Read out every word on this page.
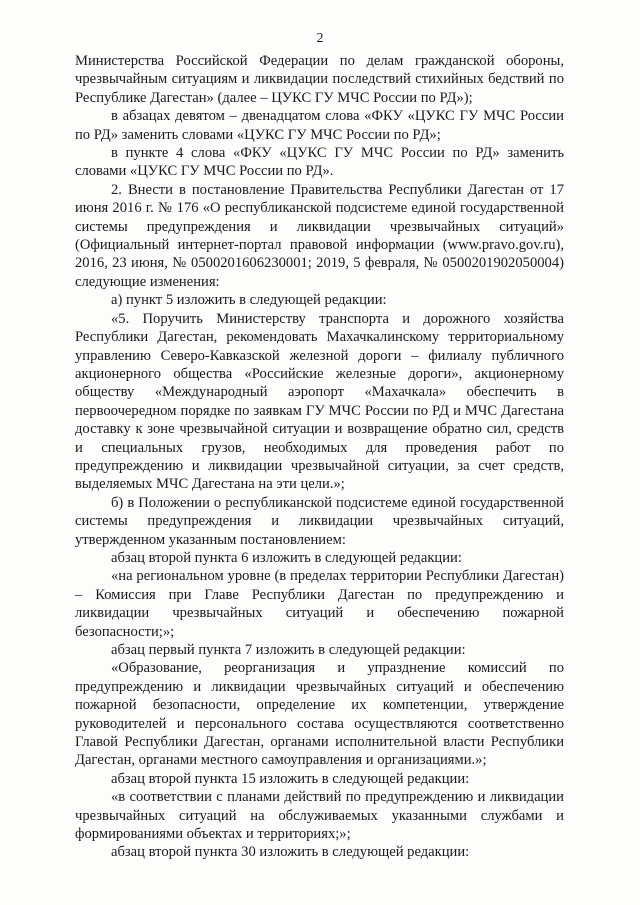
2

Министерства Российской Федерации по делам гражданской обороны, чрезвычайным ситуациям и ликвидации последствий стихийных бедствий по Республике Дагестан» (далее – ЦУКС ГУ МЧС России по РД»);

в абзацах девятом – двенадцатом слова «ФКУ «ЦУКС ГУ МЧС России по РД» заменить словами «ЦУКС ГУ МЧС России по РД»;

в пункте 4 слова «ФКУ «ЦУКС ГУ МЧС России по РД» заменить словами «ЦУКС ГУ МЧС России по РД».

2. Внести в постановление Правительства Республики Дагестан от 17 июня 2016 г. № 176 «О республиканской подсистеме единой государственной системы предупреждения и ликвидации чрезвычайных ситуаций» (Официальный интернет-портал правовой информации (www.pravo.gov.ru), 2016, 23 июня, № 0500201606230001; 2019, 5 февраля, № 0500201902050004) следующие изменения:

а) пункт 5 изложить в следующей редакции:

«5. Поручить Министерству транспорта и дорожного хозяйства Республики Дагестан, рекомендовать Махачкалинскому территориальному управлению Северо-Кавказской железной дороги – филиалу публичного акционерного общества «Российские железные дороги», акционерному обществу «Международный аэропорт «Махачкала» обеспечить в первоочередном порядке по заявкам ГУ МЧС России по РД и МЧС Дагестана доставку к зоне чрезвычайной ситуации и возвращение обратно сил, средств и специальных грузов, необходимых для проведения работ по предупреждению и ликвидации чрезвычайной ситуации, за счет средств, выделяемых МЧС Дагестана на эти цели.»;

б) в Положении о республиканской подсистеме единой государственной системы предупреждения и ликвидации чрезвычайных ситуаций, утвержденном указанным постановлением:

абзац второй пункта 6 изложить в следующей редакции:

«на региональном уровне (в пределах территории Республики Дагестан) – Комиссия при Главе Республики Дагестан по предупреждению и ликвидации чрезвычайных ситуаций и обеспечению пожарной безопасности;»;

абзац первый пункта 7 изложить в следующей редакции:

«Образование, реорганизация и упразднение комиссий по предупреждению и ликвидации чрезвычайных ситуаций и обеспечению пожарной безопасности, определение их компетенции, утверждение руководителей и персонального состава осуществляются соответственно Главой Республики Дагестан, органами исполнительной власти Республики Дагестан, органами местного самоуправления и организациями.»;

абзац второй пункта 15 изложить в следующей редакции:

«в соответствии с планами действий по предупреждению и ликвидации чрезвычайных ситуаций на обслуживаемых указанными службами и формированиями объектах и территориях;»;

абзац второй пункта 30 изложить в следующей редакции:
